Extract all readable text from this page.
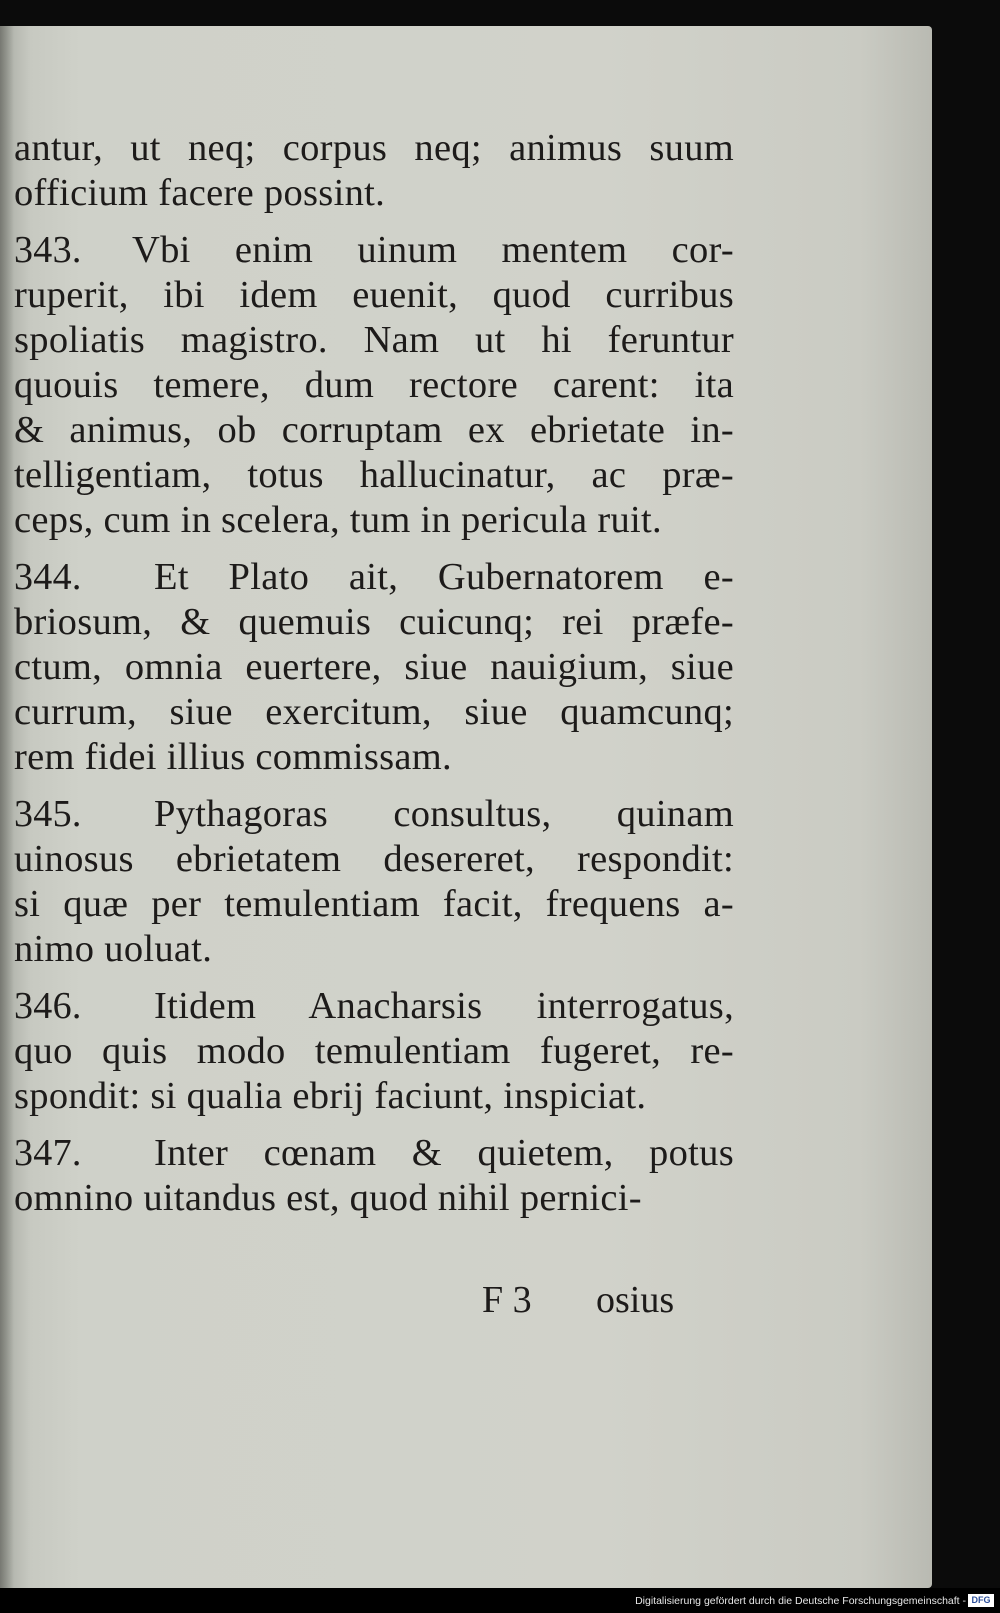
antur, ut neq; corpus neq; animus suum
officium facere possint.
343. Vbi enim uinum mentem cor-
ruperit, ibi idem euenit, quod curribus
spoliatis magistro. Nam ut hi feruntur
quouis temere, dum rectore carent: ita
& animus, ob corruptam ex ebrietate in-
telligentiam, totus hallucinatur, ac præ-
ceps, cum in scelera, tum in pericula ruit.
344. Et Plato ait, Gubernatorem e-
briosum, & quemuis cuicunq; rei præfe-
ctum, omnia euertere, siue nauigium, siue
currum, siue exercitum, siue quamcunq;
rem fidei illius commissam.
345. Pythagoras consultus, quinam
uinosus ebrietatem desereret, respondit:
si quæ per temulentiam facit, frequens a-
nimo uoluat.
346. Itidem Anacharsis interrogatus,
quo quis modo temulentiam fugeret, re-
spondit: si qualia ebrij faciunt, inspiciat.
347. Inter cœnam & quietem, potus
omnino uitandus est, quod nihil pernici-
F 3 osius
Digitalisierung gefördert durch die Deutsche Forschungsgemeinschaft - DFG
